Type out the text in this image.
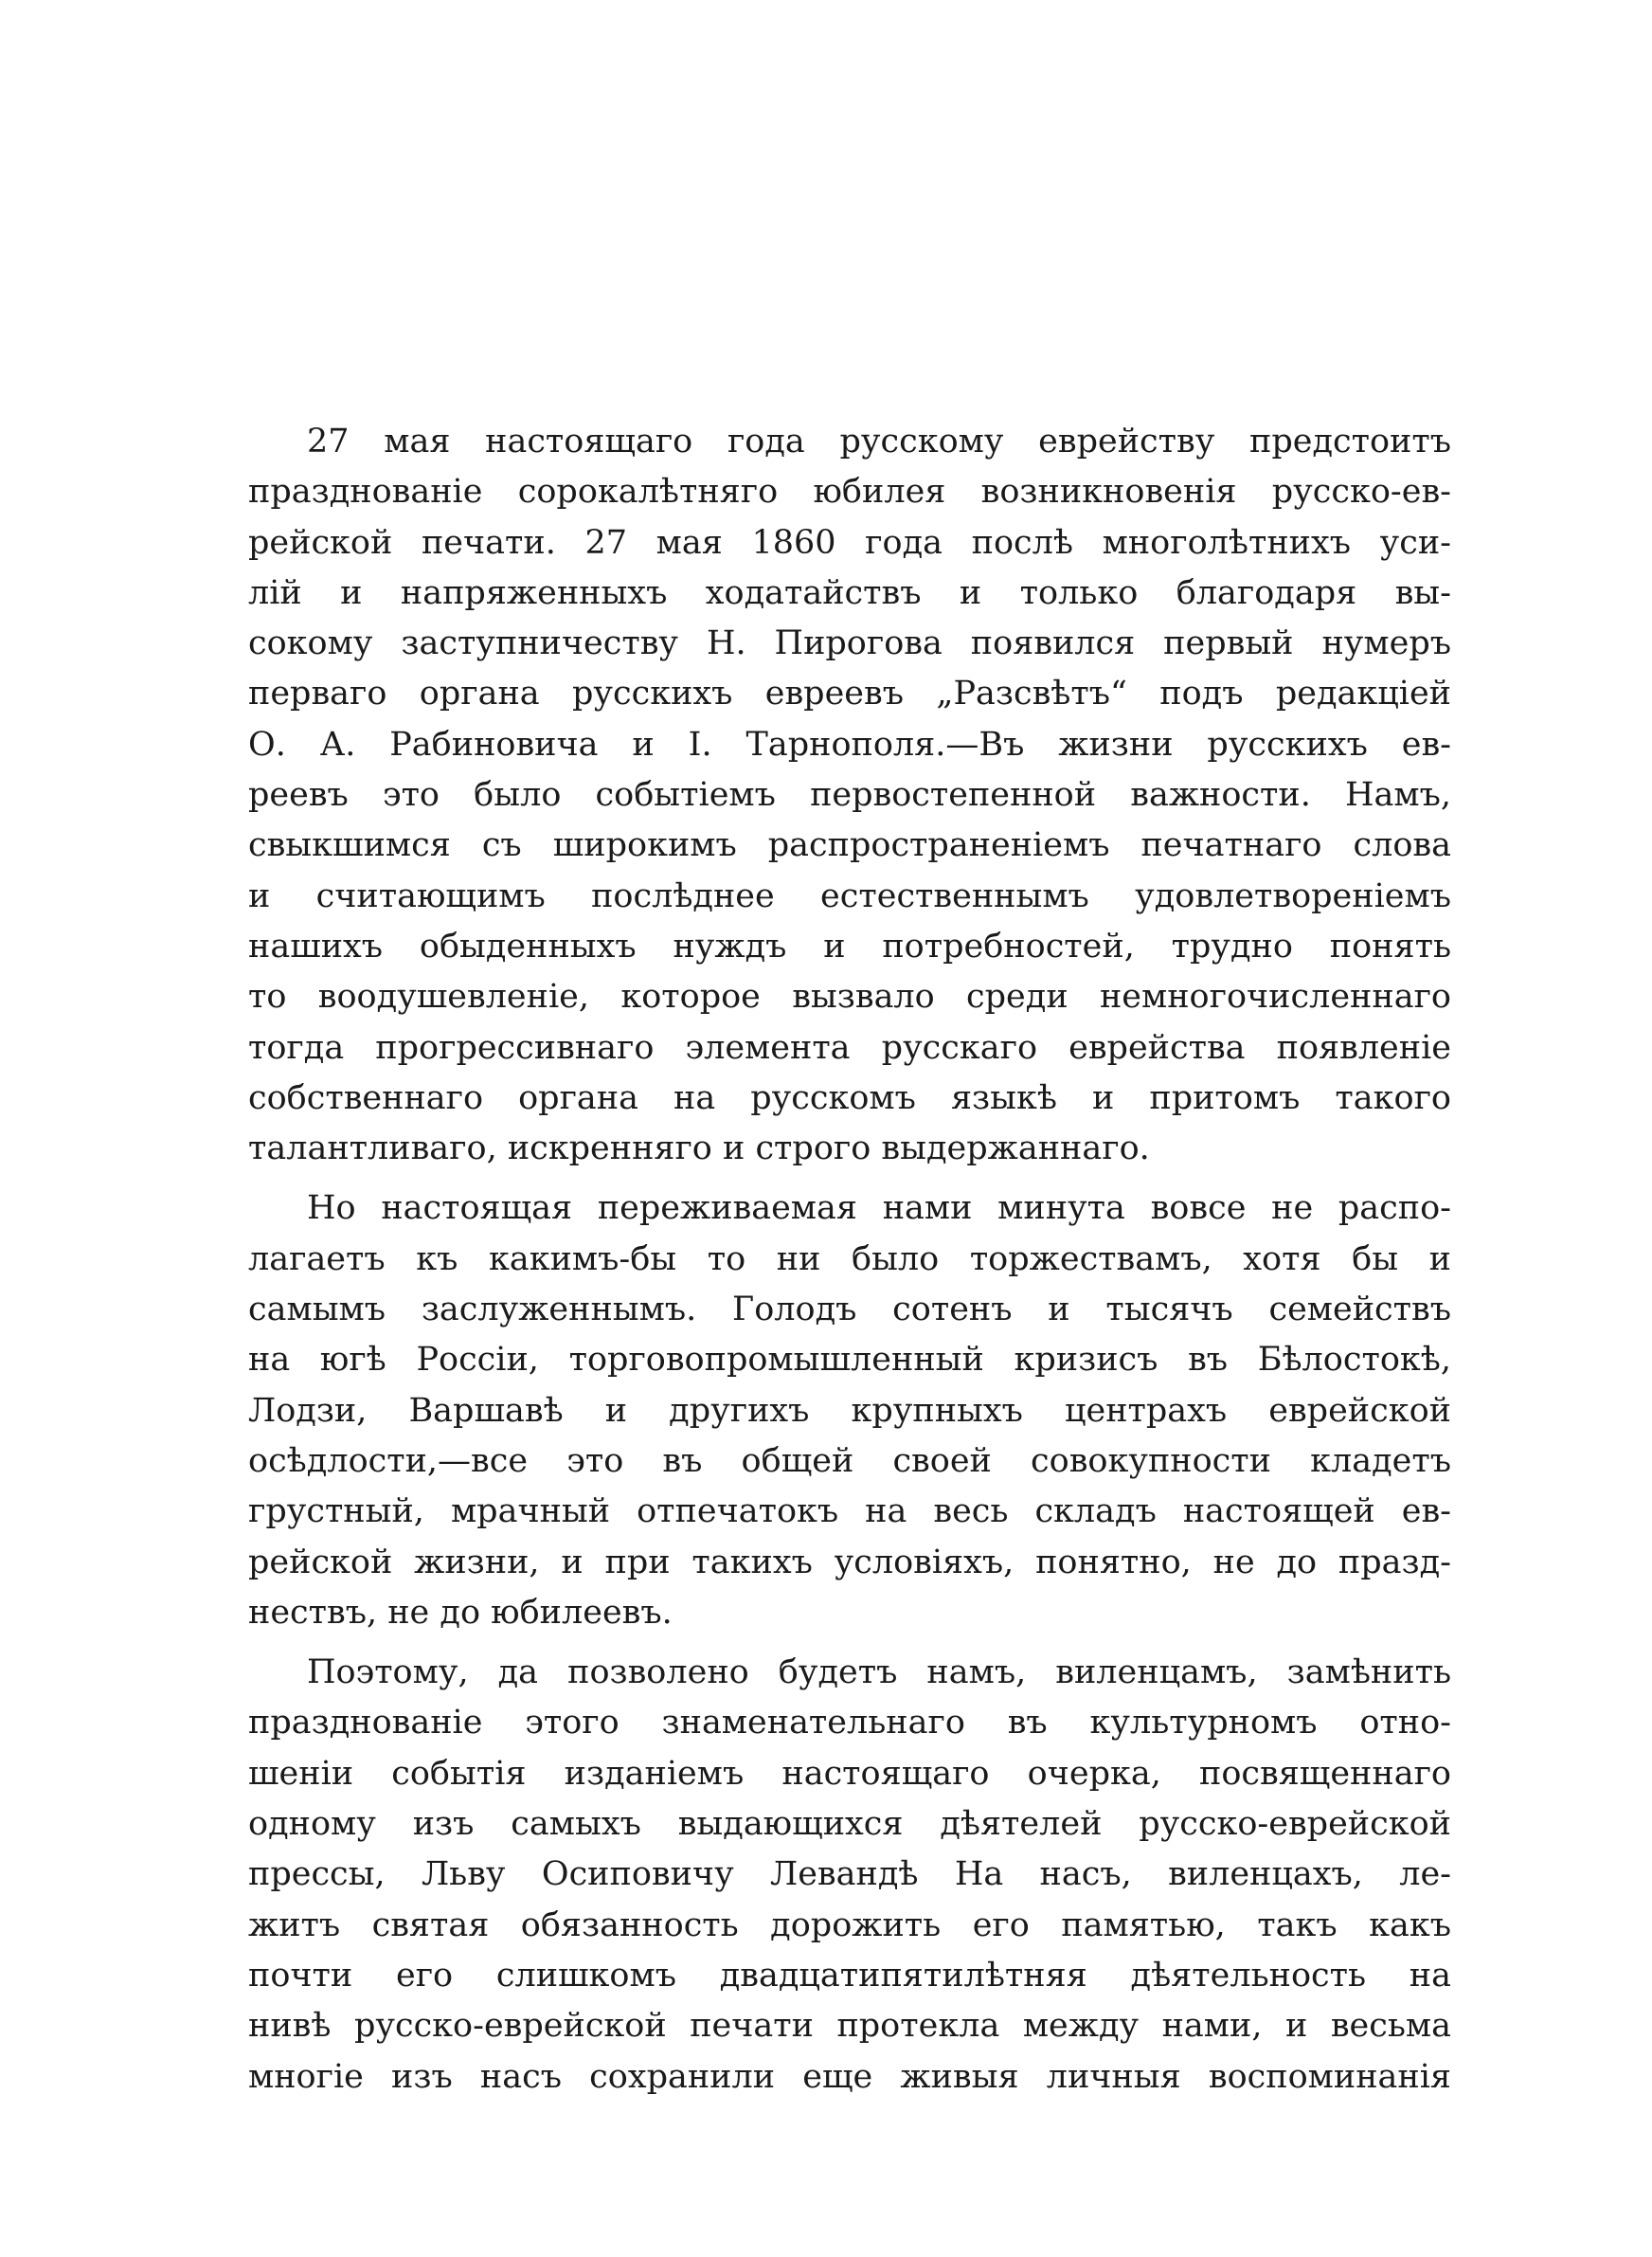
27 мая настоящаго года русскому еврейству предстоитъ
празднованіе сорокалѣтняго юбилея возникновенія русско-ев-
рейской печати. 27 мая 1860 года послѣ многолѣтнихъ уси-
лій и напряженныхъ ходатайствъ и только благодаря вы-
сокому заступничеству Н. Пирогова появился первый нумеръ
перваго органа русскихъ евреевъ „Разсвѣтъ“ подъ редакціей
О. А. Рабиновича и І. Тарнополя.—Въ жизни русскихъ ев-
реевъ это было событіемъ первостепенной важности. Намъ,
свыкшимся съ широкимъ распространеніемъ печатнаго слова
и считающимъ послѣднее естественнымъ удовлетвореніемъ
нашихъ обыденныхъ нуждъ и потребностей, трудно понять
то воодушевленіе, которое вызвало среди немногочисленнаго
тогда прогрессивнаго элемента русскаго еврейства появленіе
собственнаго органа на русскомъ языкѣ и притомъ такого
талантливаго, искренняго и строго выдержаннаго.
Но настоящая переживаемая нами минута вовсе не распо-
лагаетъ къ какимъ-бы то ни было торжествамъ, хотя бы и
самымъ заслуженнымъ. Голодъ сотенъ и тысячъ семействъ
на югѣ Россіи, торговопромышленный кризисъ въ Бѣлостокѣ,
Лодзи, Варшавѣ и другихъ крупныхъ центрахъ еврейской
осѣдлости,—все это въ общей своей совокупности кладетъ
грустный, мрачный отпечатокъ на весь складъ настоящей ев-
рейской жизни, и при такихъ условіяхъ, понятно, не до празд-
нествъ, не до юбилеевъ.
Поэтому, да позволено будетъ намъ, виленцамъ, замѣнить
празднованіе этого знаменательнаго въ культурномъ отно-
шеніи событія изданіемъ настоящаго очерка, посвященнаго
одному изъ самыхъ выдающихся дѣятелей русско-еврейской
прессы, Льву Осиповичу Левандѣ На насъ, виленцахъ, ле-
житъ святая обязанность дорожить его памятью, такъ какъ
почти его слишкомъ двадцатипятилѣтняя дѣятельность на
нивѣ русско-еврейской печати протекла между нами, и весьма
многіе изъ насъ сохранили еще живыя личныя воспоминанія
